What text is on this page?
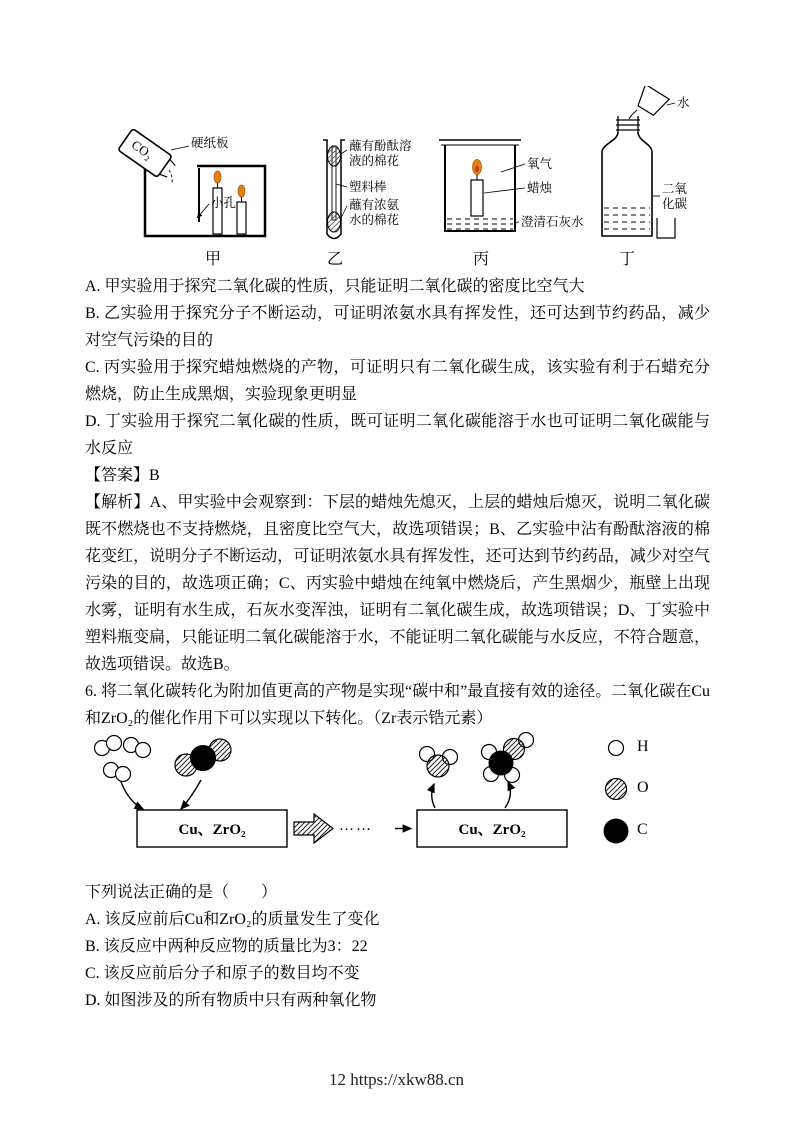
CO₂	硬纸板
小孔
蘸有酚酞溶液的棉花
塑料棒
蘸有浓氨水的棉花
氧气
蜡烛
澄清石灰水
水
二氧化碳
甲	乙	丙	丁

A. 甲实验用于探究二氧化碳的性质，只能证明二氧化碳的密度比空气大

B. 乙实验用于探究分子不断运动，可证明浓氨水具有挥发性，还可达到节约药品，减少对空气污染的目的

C. 丙实验用于探究蜡烛燃烧的产物，可证明只有二氧化碳生成，该实验有利于石蜡充分燃烧，防止生成黑烟，实验现象更明显

D. 丁实验用于探究二氧化碳的性质，既可证明二氧化碳能溶于水也可证明二氧化碳能与水反应

【答案】B

【解析】A、甲实验中会观察到：下层的蜡烛先熄灭，上层的蜡烛后熄灭，说明二氧化碳既不燃烧也不支持燃烧，且密度比空气大，故选项错误；B、乙实验中沾有酚酞溶液的棉花变红，说明分子不断运动，可证明浓氨水具有挥发性，还可达到节约药品，减少对空气污染的目的，故选项正确；C、丙实验中蜡烛在纯氧中燃烧后，产生黑烟少，瓶壁上出现水雾，证明有水生成，石灰水变浑浊，证明有二氧化碳生成，故选项错误；D、丁实验中塑料瓶变扁，只能证明二氧化碳能溶于水，不能证明二氧化碳能与水反应，不符合题意，故选项错误。故选B。

6. 将二氧化碳转化为附加值更高的产物是实现“碳中和”最直接有效的途径。二氧化碳在Cu和ZrO₂的催化作用下可以实现以下转化。（Zr表示锆元素）

Cu、ZrO₂	Cu、ZrO₂
……
H
O
C

下列说法正确的是（　　）

A. 该反应前后Cu和ZrO₂的质量发生了变化

B. 该反应中两种反应物的质量比为3：22

C. 该反应前后分子和原子的数目均不变

D. 如图涉及的所有物质中只有两种氧化物

12 https://xkw88.cn
